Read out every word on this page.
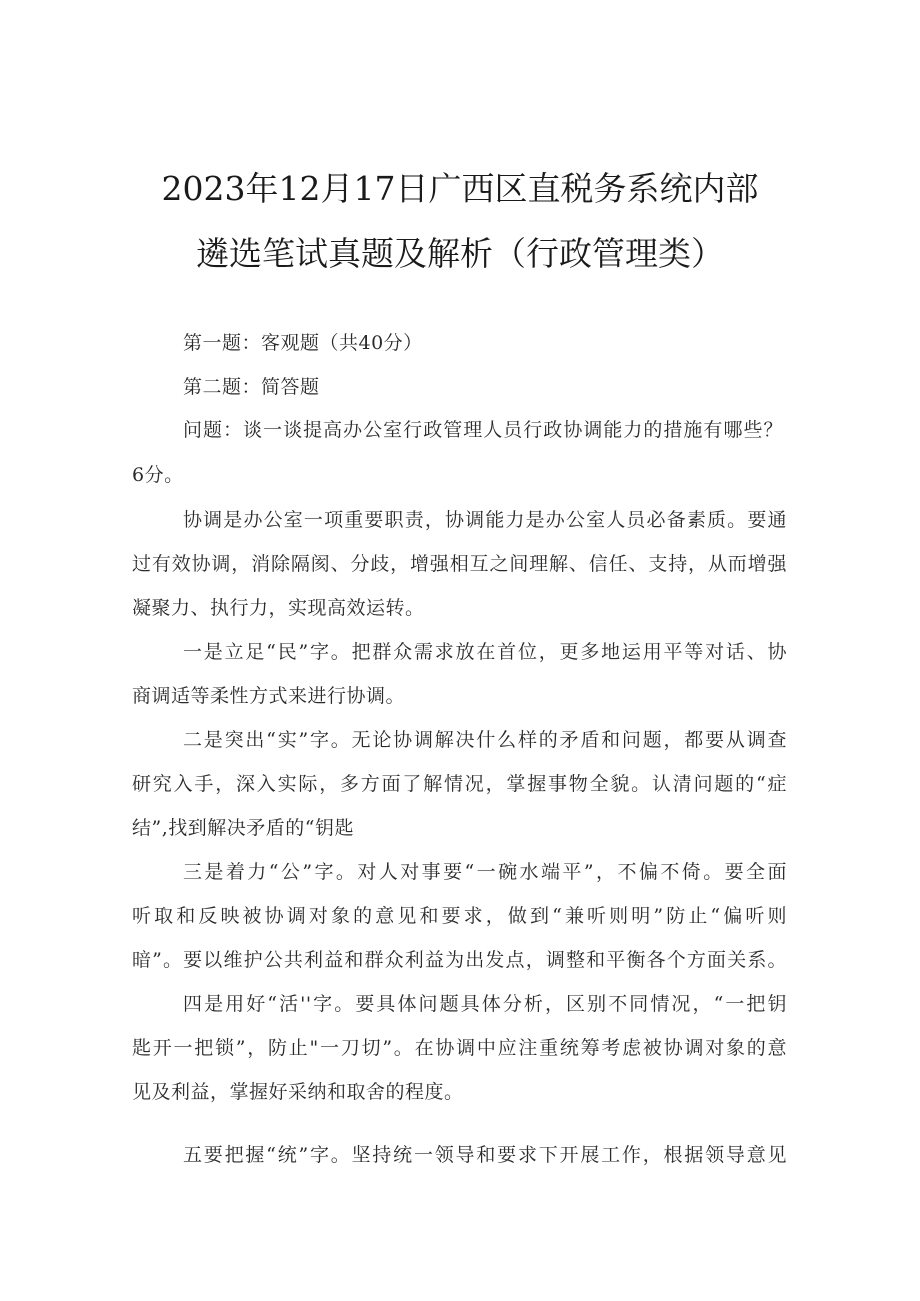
2023年12月17日广西区直税务系统内部
遴选笔试真题及解析（行政管理类）
第一题：客观题（共40分）
第二题：简答题
问题：谈一谈提高办公室行政管理人员行政协调能力的措施有哪些？
6分。
协调是办公室一项重要职责，协调能力是办公室人员必备素质。要通
过有效协调，消除隔阂、分歧，增强相互之间理解、信任、支持，从而增强
凝聚力、执行力，实现高效运转。
一是立足“民”字。把群众需求放在首位，更多地运用平等对话、协
商调适等柔性方式来进行协调。
二是突出“实”字。无论协调解决什么样的矛盾和问题，都要从调查
研究入手，深入实际，多方面了解情况，掌握事物全貌。认清问题的“症
结”,找到解决矛盾的“钥匙
三是着力“公”字。对人对事要“一碗水端平”，不偏不倚。要全面
听取和反映被协调对象的意见和要求，做到“兼听则明”防止“偏听则
暗”。要以维护公共利益和群众利益为出发点，调整和平衡各个方面关系。
四是用好“活''字。要具体问题具体分析，区别不同情况，“一把钥
匙开一把锁”，防止"一刀切”。在协调中应注重统筹考虑被协调对象的意
见及利益，掌握好采纳和取舍的程度。
五要把握“统”字。坚持统一领导和要求下开展工作，根据领导意见
